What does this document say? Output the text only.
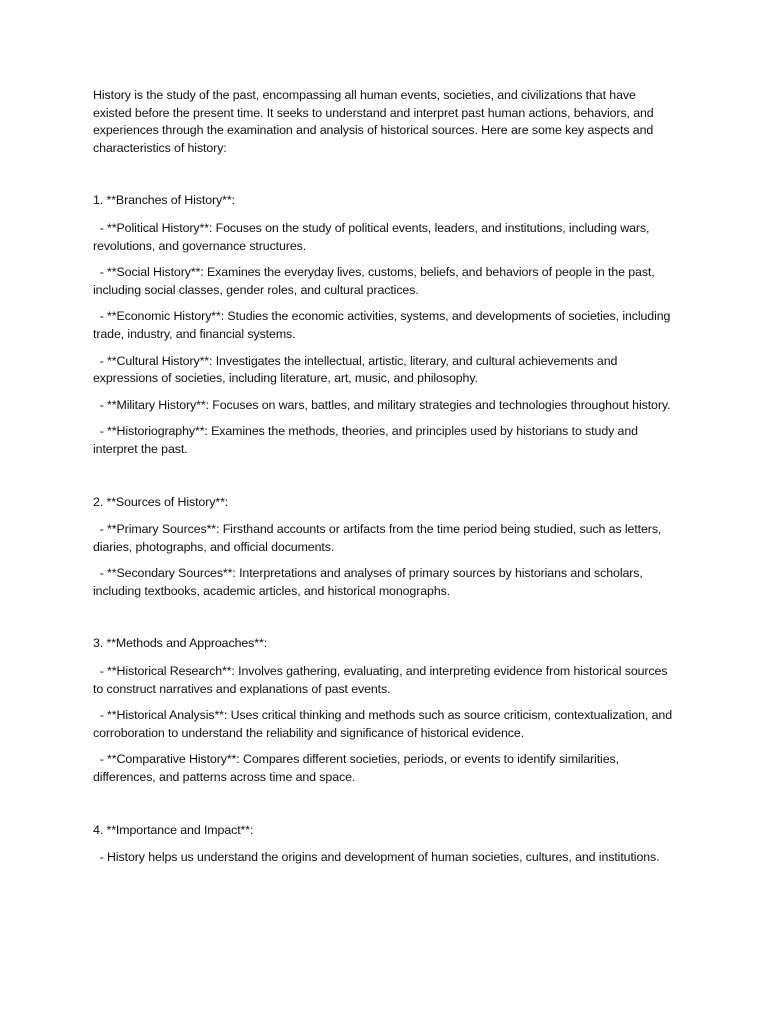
History is the study of the past, encompassing all human events, societies, and civilizations that have existed before the present time. It seeks to understand and interpret past human actions, behaviors, and experiences through the examination and analysis of historical sources. Here are some key aspects and characteristics of history:

1. **Branches of History**:

- **Political History**: Focuses on the study of political events, leaders, and institutions, including wars, revolutions, and governance structures.

- **Social History**: Examines the everyday lives, customs, beliefs, and behaviors of people in the past, including social classes, gender roles, and cultural practices.

- **Economic History**: Studies the economic activities, systems, and developments of societies, including trade, industry, and financial systems.

- **Cultural History**: Investigates the intellectual, artistic, literary, and cultural achievements and expressions of societies, including literature, art, music, and philosophy.

- **Military History**: Focuses on wars, battles, and military strategies and technologies throughout history.

- **Historiography**: Examines the methods, theories, and principles used by historians to study and interpret the past.

2. **Sources of History**:

- **Primary Sources**: Firsthand accounts or artifacts from the time period being studied, such as letters, diaries, photographs, and official documents.

- **Secondary Sources**: Interpretations and analyses of primary sources by historians and scholars, including textbooks, academic articles, and historical monographs.

3. **Methods and Approaches**:

- **Historical Research**: Involves gathering, evaluating, and interpreting evidence from historical sources to construct narratives and explanations of past events.

- **Historical Analysis**: Uses critical thinking and methods such as source criticism, contextualization, and corroboration to understand the reliability and significance of historical evidence.

- **Comparative History**: Compares different societies, periods, or events to identify similarities, differences, and patterns across time and space.

4. **Importance and Impact**:

- History helps us understand the origins and development of human societies, cultures, and institutions.
